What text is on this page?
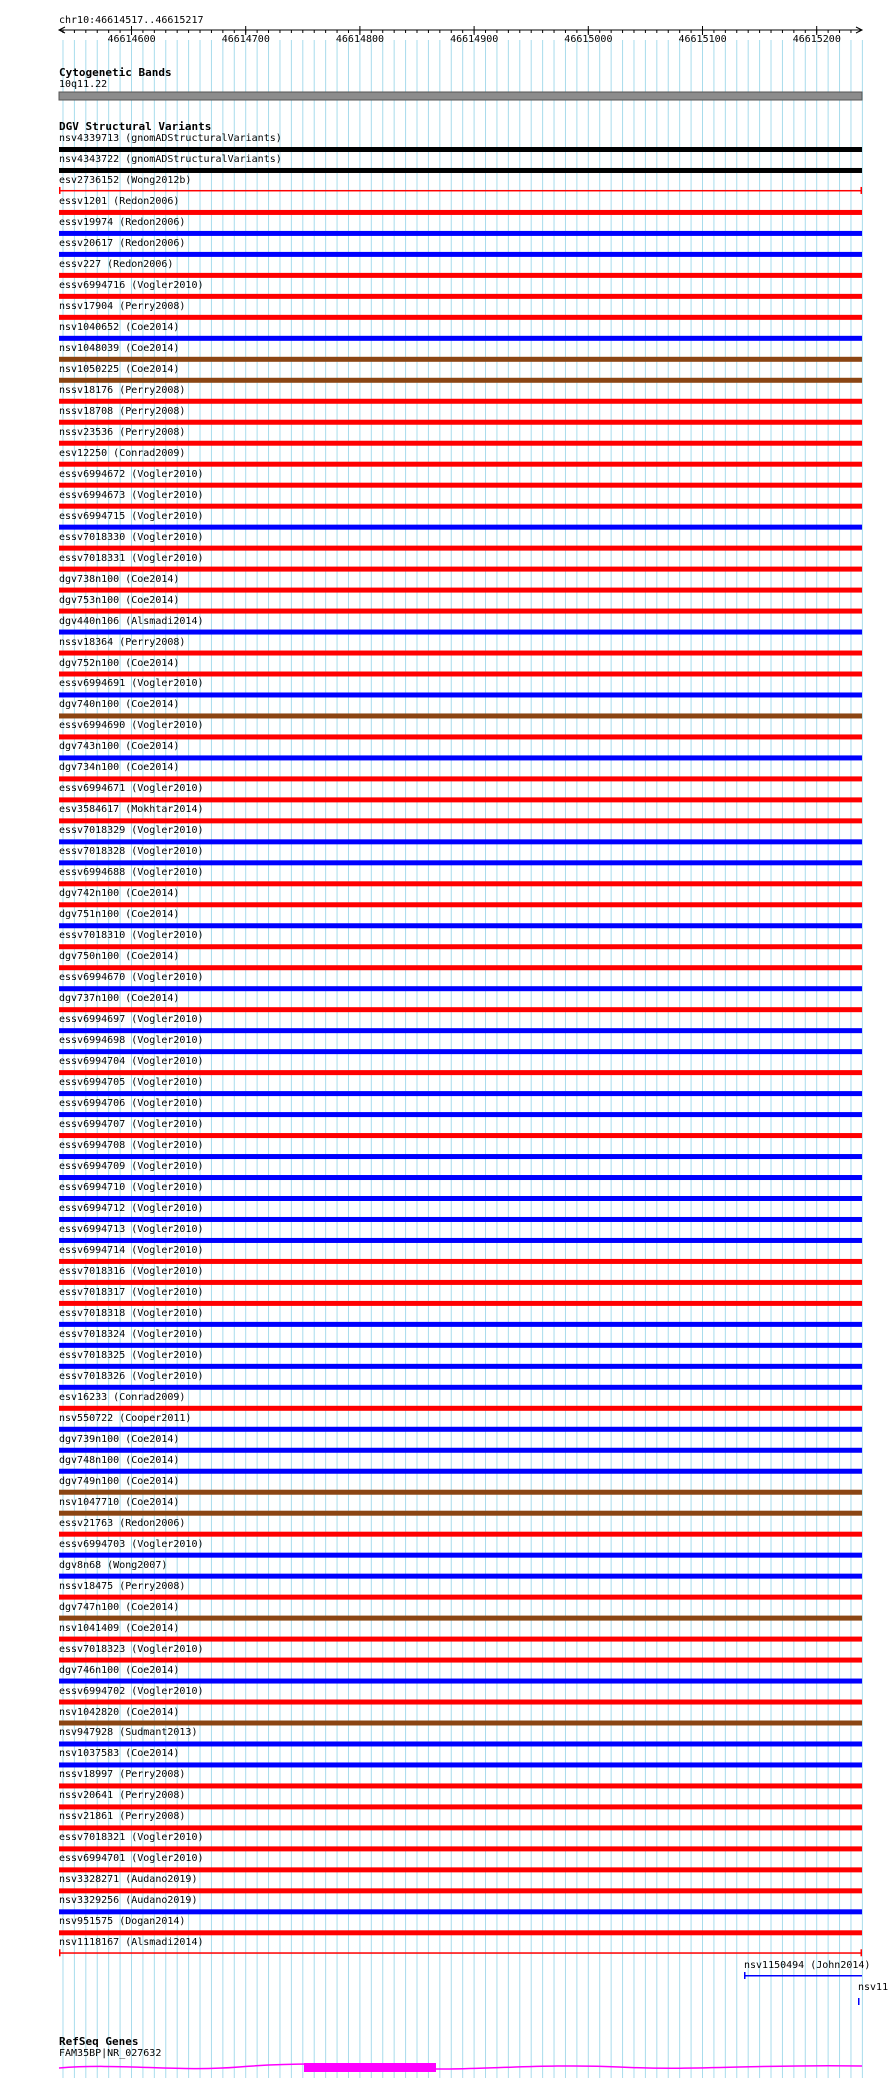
chr10:46614517..46615217
46614600	46614700	46614800	46614900	46615000	46615100	46615200
Cytogenetic Bands
10q11.22
DGV Structural Variants
nsv4339713 (gnomADStructuralVariants)
nsv4343722 (gnomADStructuralVariants)
esv2736152 (Wong2012b)
essv1201 (Redon2006)
essv19974 (Redon2006)
essv20617 (Redon2006)
essv227 (Redon2006)
essv6994716 (Vogler2010)
nssv17904 (Perry2008)
nsv1040652 (Coe2014)
nsv1048039 (Coe2014)
nsv1050225 (Coe2014)
nssv18176 (Perry2008)
nssv18708 (Perry2008)
nssv23536 (Perry2008)
esv12250 (Conrad2009)
essv6994672 (Vogler2010)
essv6994673 (Vogler2010)
essv6994715 (Vogler2010)
essv7018330 (Vogler2010)
essv7018331 (Vogler2010)
dgv738n100 (Coe2014)
dgv753n100 (Coe2014)
dgv440n106 (Alsmadi2014)
nssv18364 (Perry2008)
dgv752n100 (Coe2014)
essv6994691 (Vogler2010)
dgv740n100 (Coe2014)
essv6994690 (Vogler2010)
dgv743n100 (Coe2014)
dgv734n100 (Coe2014)
essv6994671 (Vogler2010)
esv3584617 (Mokhtar2014)
essv7018329 (Vogler2010)
essv7018328 (Vogler2010)
essv6994688 (Vogler2010)
dgv742n100 (Coe2014)
dgv751n100 (Coe2014)
essv7018310 (Vogler2010)
dgv750n100 (Coe2014)
essv6994670 (Vogler2010)
dgv737n100 (Coe2014)
essv6994697 (Vogler2010)
essv6994698 (Vogler2010)
essv6994704 (Vogler2010)
essv6994705 (Vogler2010)
essv6994706 (Vogler2010)
essv6994707 (Vogler2010)
essv6994708 (Vogler2010)
essv6994709 (Vogler2010)
essv6994710 (Vogler2010)
essv6994712 (Vogler2010)
essv6994713 (Vogler2010)
essv6994714 (Vogler2010)
essv7018316 (Vogler2010)
essv7018317 (Vogler2010)
essv7018318 (Vogler2010)
essv7018324 (Vogler2010)
essv7018325 (Vogler2010)
essv7018326 (Vogler2010)
esv16233 (Conrad2009)
nsv550722 (Cooper2011)
dgv739n100 (Coe2014)
dgv748n100 (Coe2014)
dgv749n100 (Coe2014)
nsv1047710 (Coe2014)
essv21763 (Redon2006)
essv6994703 (Vogler2010)
dgv8n68 (Wong2007)
nssv18475 (Perry2008)
dgv747n100 (Coe2014)
nsv1041409 (Coe2014)
essv7018323 (Vogler2010)
dgv746n100 (Coe2014)
essv6994702 (Vogler2010)
nsv1042820 (Coe2014)
nsv947928 (Sudmant2013)
nsv1037583 (Coe2014)
nssv18997 (Perry2008)
nssv20641 (Perry2008)
nssv21861 (Perry2008)
essv7018321 (Vogler2010)
essv6994701 (Vogler2010)
nsv3328271 (Audano2019)
nsv3329256 (Audano2019)
nsv951575 (Dogan2014)
nsv1118167 (Alsmadi2014)
nsv1150494 (John2014)
nsv11
RefSeq Genes
FAM35BP|NR_027632
